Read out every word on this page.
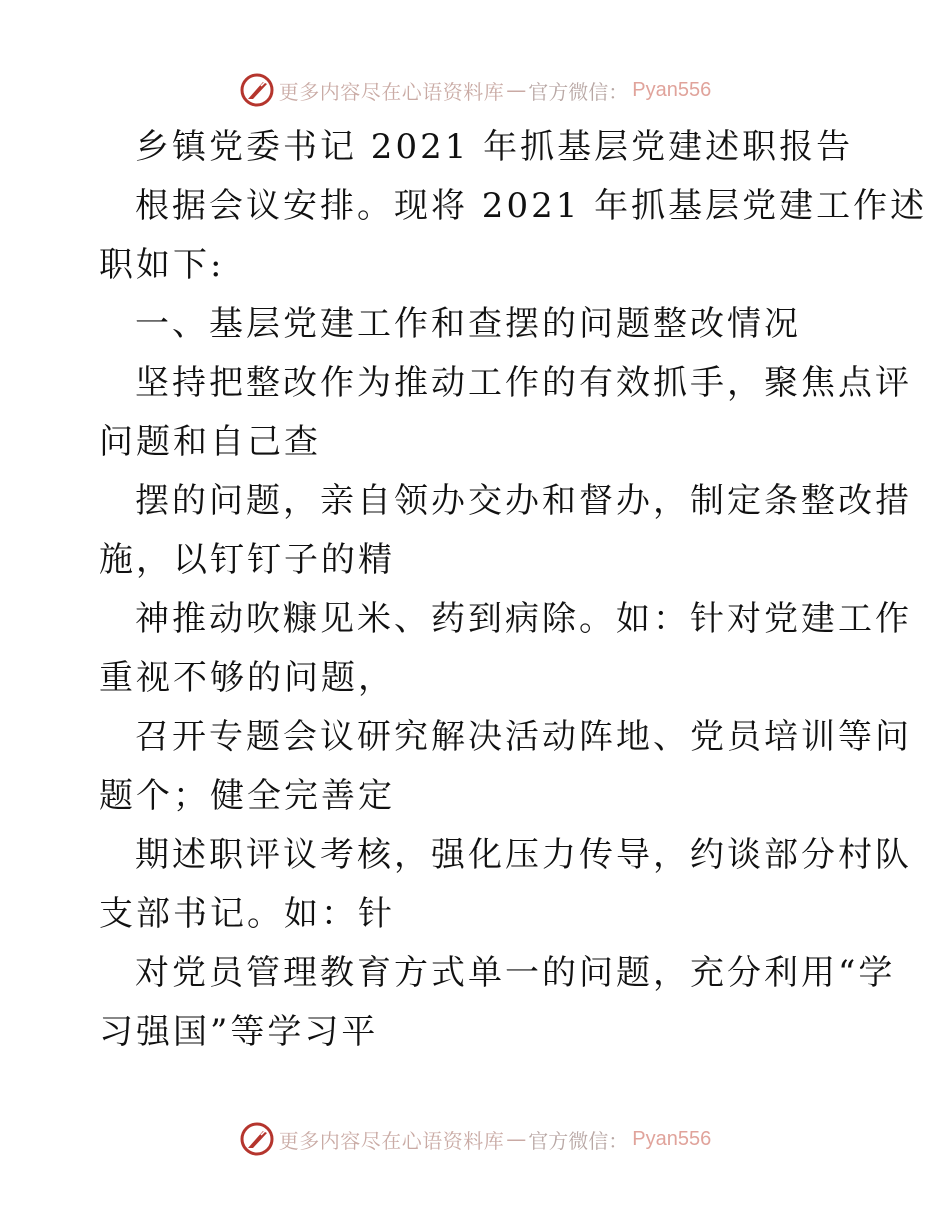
更多内容尽在心语资料库 — 官方微信 ： Pyan556
乡镇党委书记 2021 年抓基层党建述职报告
根据会议安排。现将 2021 年抓基层党建工作述
职如下:
一、基层党建工作和查摆的问题整改情况
坚持把整改作为推动工作的有效抓手，聚焦点评
问题和自己查
摆的问题，亲自领办交办和督办，制定条整改措
施，以钉钉子的精
神推动吹糠见米、药到病除。如：针对党建工作
重视不够的问题，
召开专题会议研究解决活动阵地、党员培训等问
题个；健全完善定
期述职评议考核，强化压力传导，约谈部分村队
支部书记。如：针
对党员管理教育方式单一的问题，充分利用“学
习强国”等学习平
更多内容尽在心语资料库 — 官方微信 ： Pyan556
